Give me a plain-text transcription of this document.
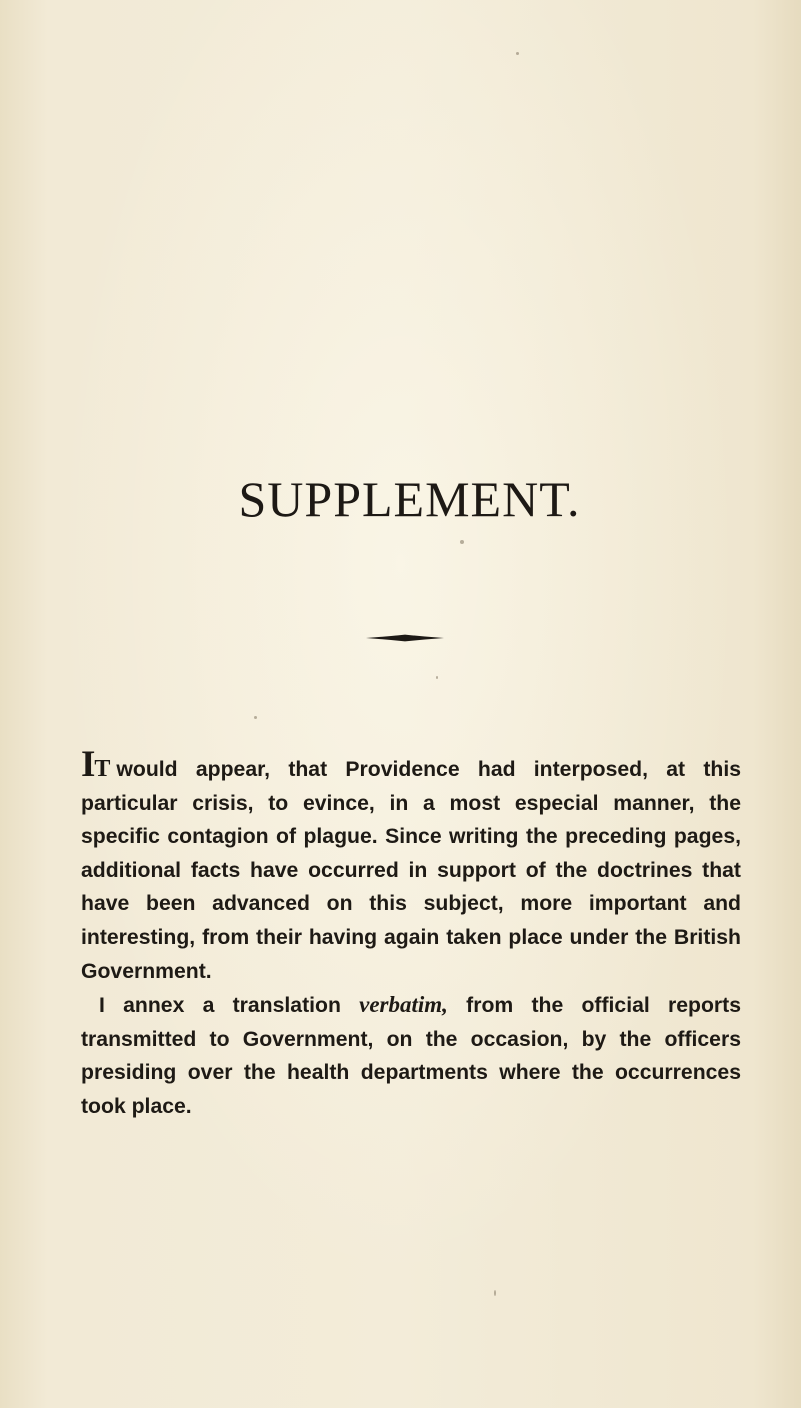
SUPPLEMENT.

IT would appear, that Providence had interposed, at this particular crisis, to evince, in a most especial manner, the specific contagion of plague. Since writing the preceding pages, additional facts have occurred in support of the doctrines that have been advanced on this subject, more important and interesting, from their having again taken place under the British Government.

I annex a translation verbatim, from the official reports transmitted to Government, on the occasion, by the officers presiding over the health departments where the occurrences took place.
